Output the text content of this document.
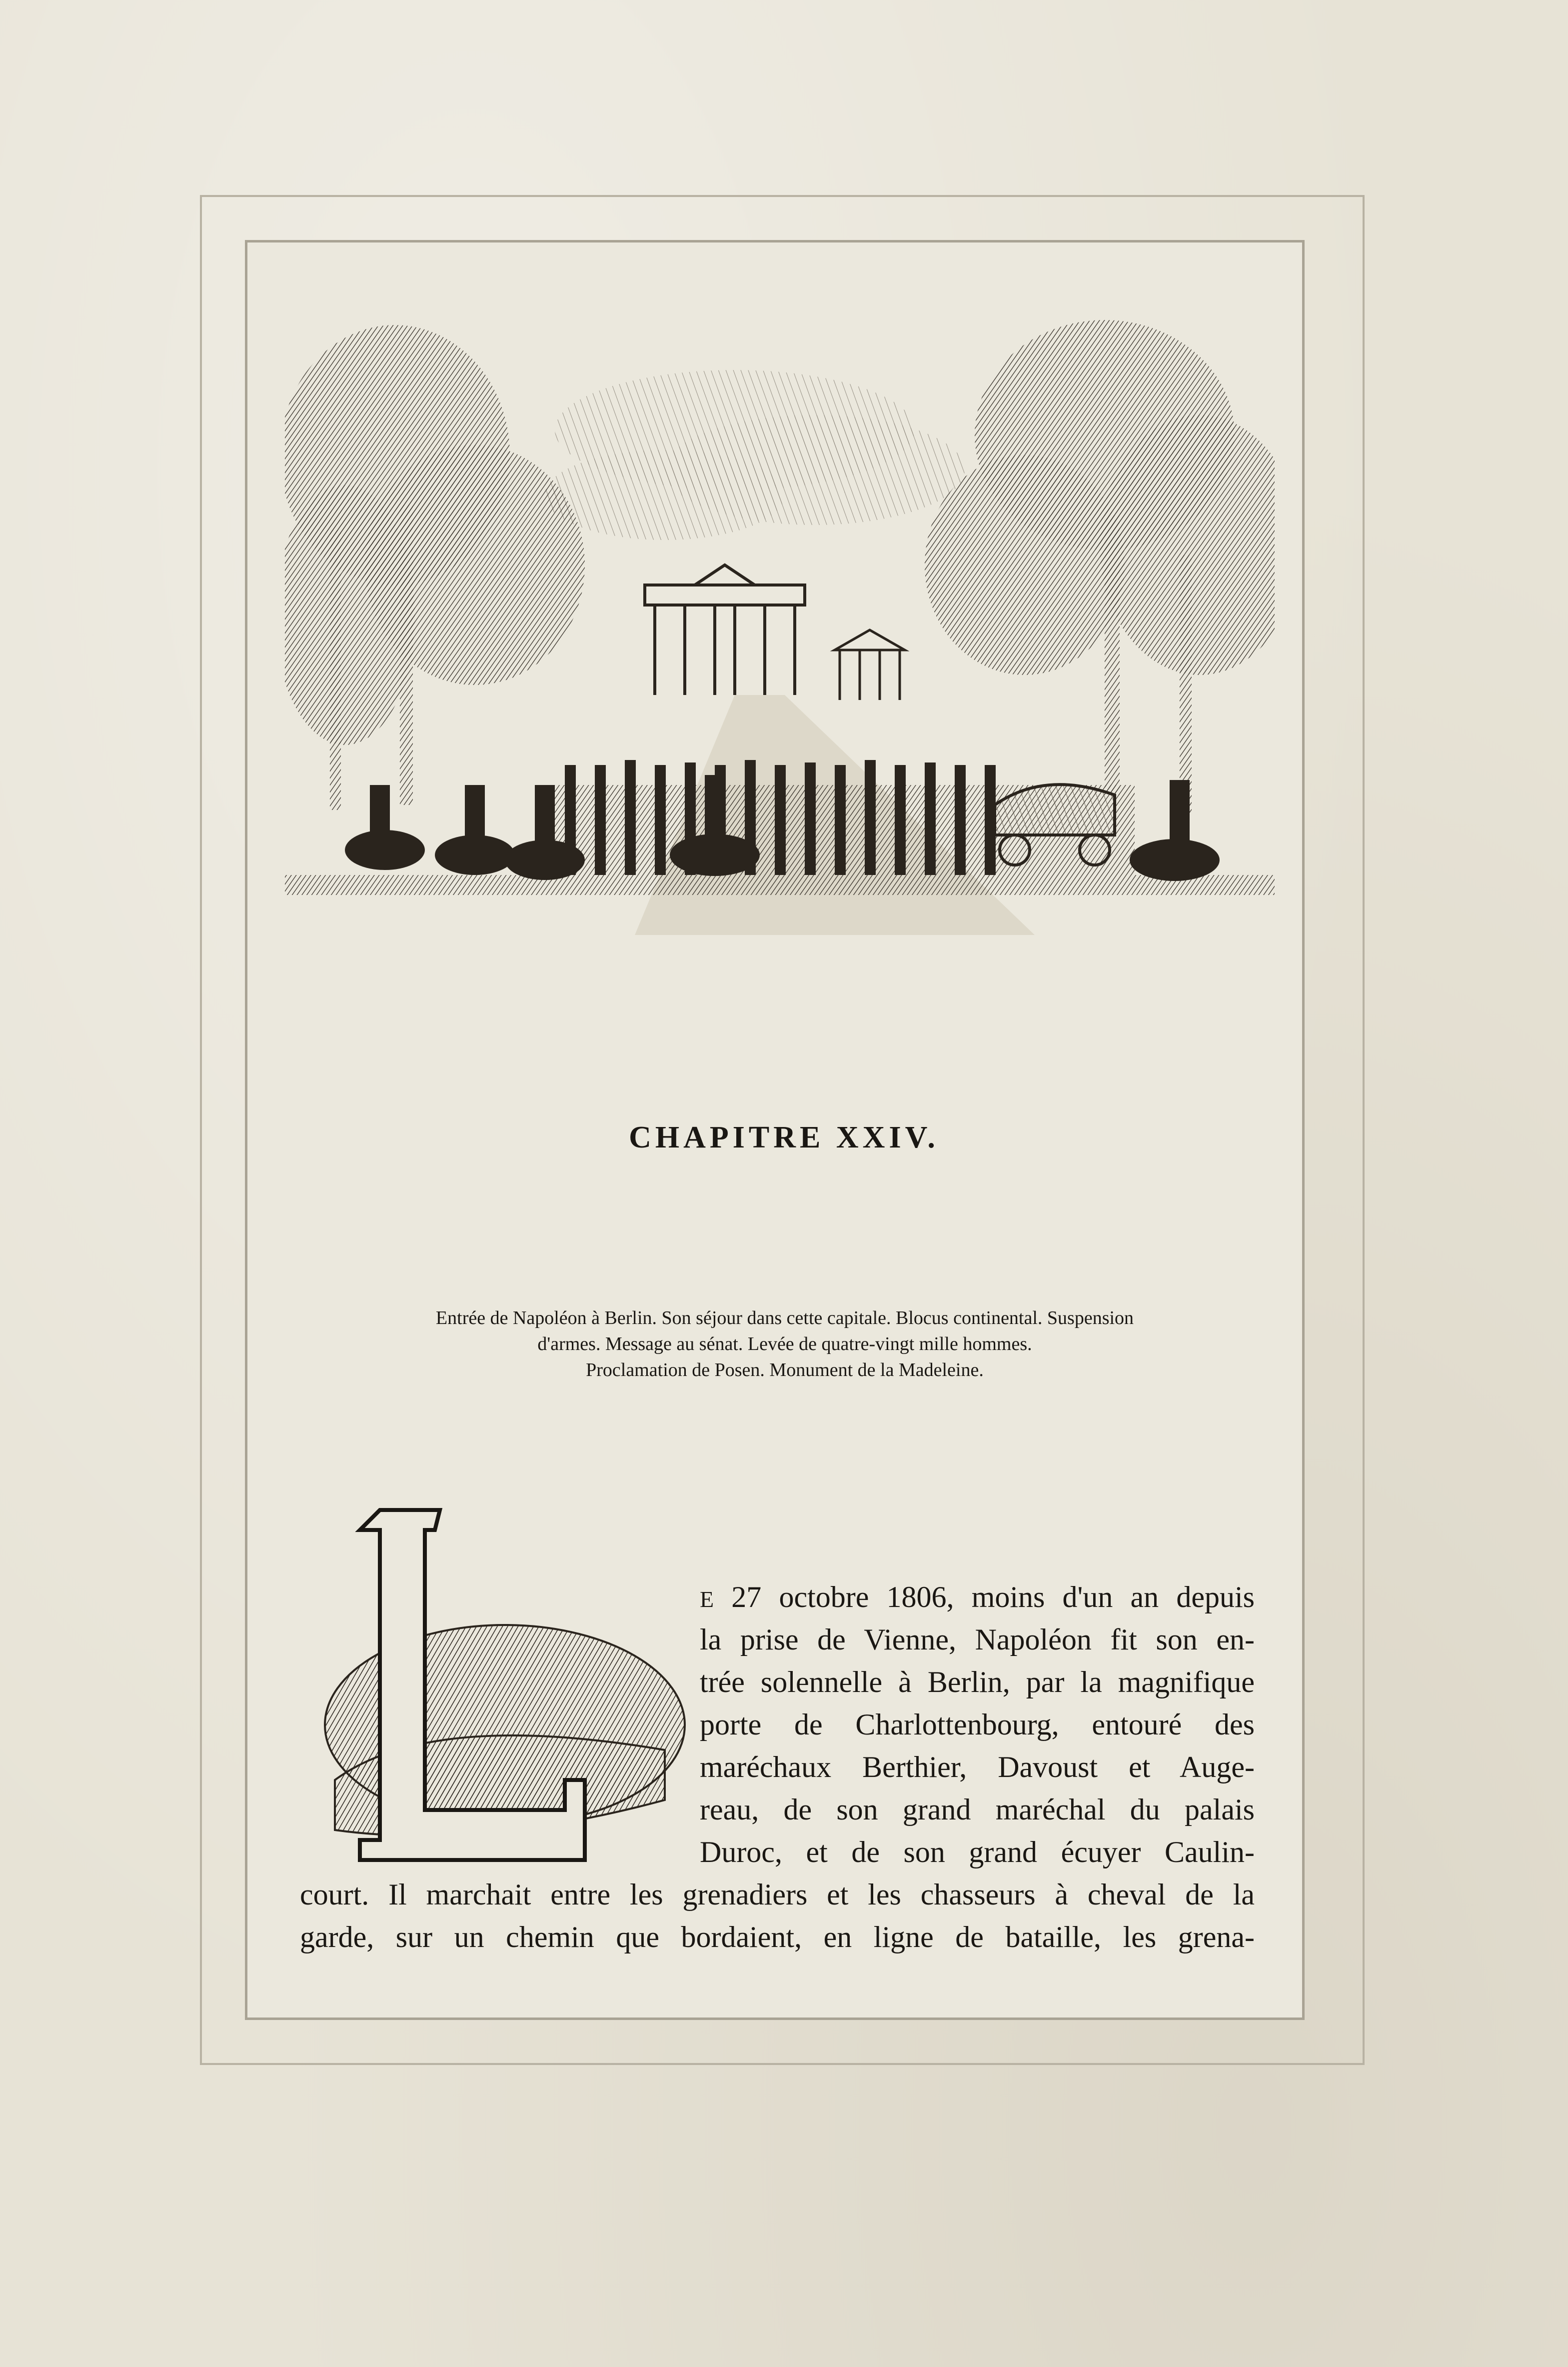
CHAPITRE XXIV.
Entrée de Napoléon à Berlin. Son séjour dans cette capitale. Blocus continental. Suspension
d'armes. Message au sénat. Levée de quatre-vingt mille hommes.
Proclamation de Posen. Monument de la Madeleine.
E 27 octobre 1806, moins d'un an depuis
la prise de Vienne, Napoléon fit son en-
trée solennelle à Berlin, par la magnifique
porte de Charlottenbourg, entouré des
maréchaux Berthier, Davoust et Auge-
reau, de son grand maréchal du palais
Duroc, et de son grand écuyer Caulin-
court. Il marchait entre les grenadiers et les chasseurs à cheval de la
garde, sur un chemin que bordaient, en ligne de bataille, les grena-
